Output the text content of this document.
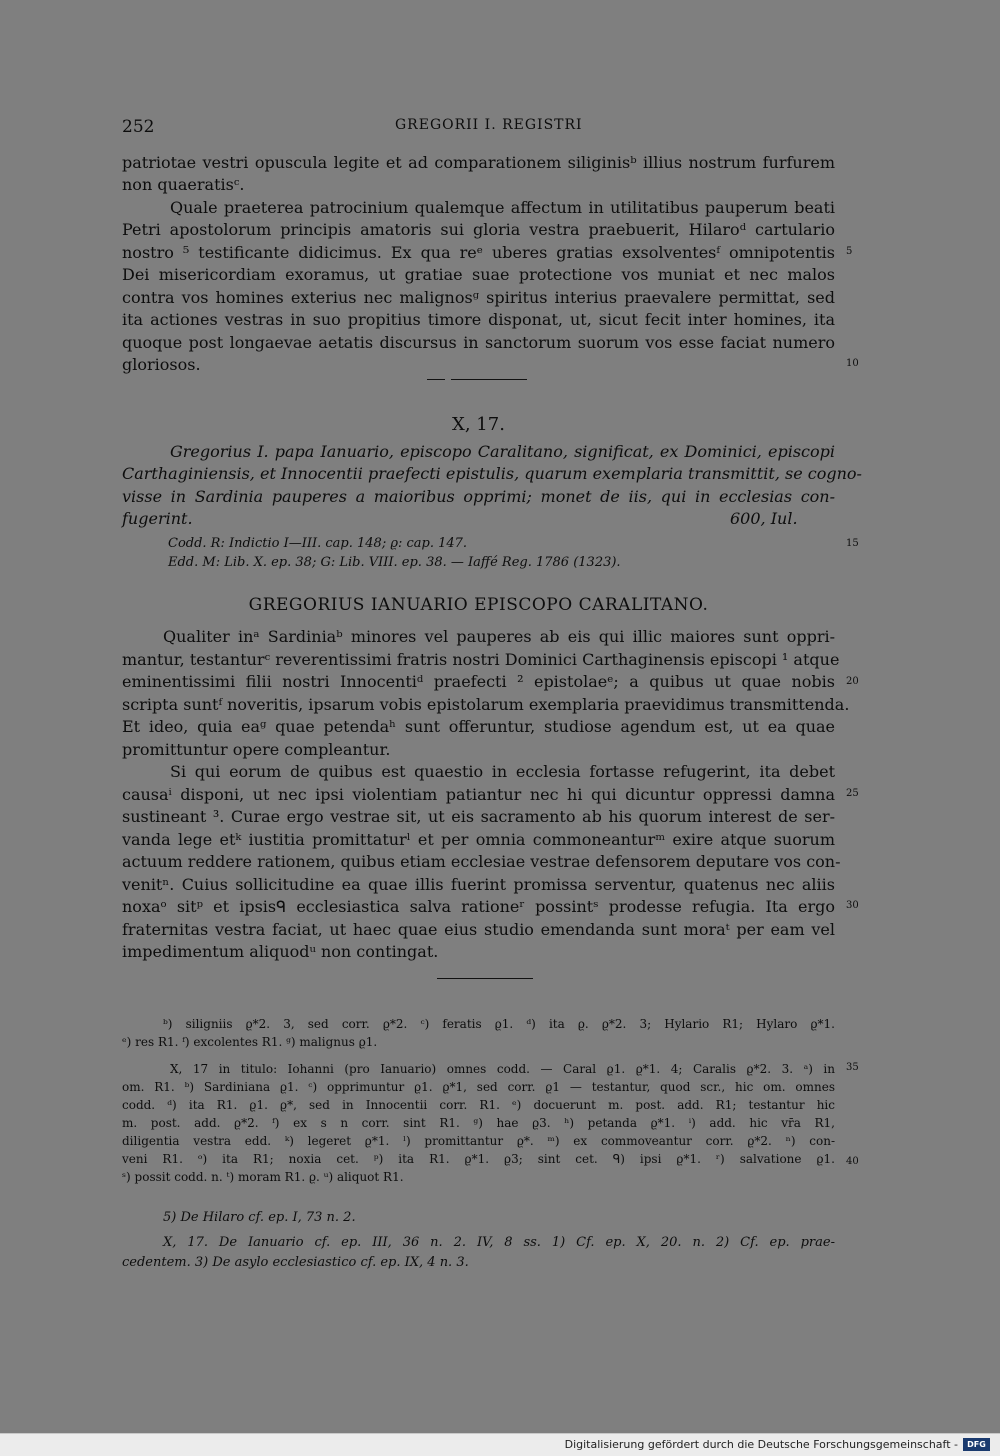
252	GREGORII I. REGISTRI
patriotae vestri opuscula legite et ad comparationem siliginisᵇ illius nostrum furfurem
non quaeratisᶜ.
Quale praeterea patrocinium qualemque affectum in utilitatibus pauperum beati
Petri apostolorum principis amatoris sui gloria vestra praebuerit, Hilaroᵈ cartulario
nostro ⁵ testificante didicimus. Ex qua reᵉ uberes gratias exsolventesᶠ omnipotentis
Dei misericordiam exoramus, ut gratiae suae protectione vos muniat et nec malos
contra vos homines exterius nec malignosᵍ spiritus interius praevalere permittat, sed
ita actiones vestras in suo propitius timore disponat, ut, sicut fecit inter homines, ita
quoque post longaevae aetatis discursus in sanctorum suorum vos esse faciat numero
gloriosos.
5
10
X, 17.
Gregorius I. papa Ianuario, episcopo Caralitano, significat, ex Dominici, episcopi
Carthaginiensis, et Innocentii praefecti epistulis, quarum exemplaria transmittit, se cogno-
visse in Sardinia pauperes a maioribus opprimi; monet de iis, qui in ecclesias con-
fugerint.	600, Iul.
Codd. R: Indictio I—III. cap. 148; ϱ: cap. 147.
Edd. M: Lib. X. ep. 38; G: Lib. VIII. ep. 38. — Iaffé Reg. 1786 (1323).
15
GREGORIUS IANUARIO EPISCOPO CARALITANO.
Qualiter inᵃ Sardiniaᵇ minores vel pauperes ab eis qui illic maiores sunt oppri-
mantur, testanturᶜ reverentissimi fratris nostri Dominici Carthaginensis episcopi ¹ atque
eminentissimi filii nostri Innocentiᵈ praefecti ² epistolaeᵉ; a quibus ut quae nobis
scripta suntᶠ noveritis, ipsarum vobis epistolarum exemplaria praevidimus transmittenda.
Et ideo, quia eaᵍ quae petendaʰ sunt offeruntur, studiose agendum est, ut ea quae
promittuntur opere compleantur.
Si qui eorum de quibus est quaestio in ecclesia fortasse refugerint, ita debet
causaⁱ disponi, ut nec ipsi violentiam patiantur nec hi qui dicuntur oppressi damna
sustineant ³. Curae ergo vestrae sit, ut eis sacramento ab his quorum interest de ser-
vanda lege etᵏ iustitia promittaturˡ et per omnia commoneanturᵐ exire atque suorum
actuum reddere rationem, quibus etiam ecclesiae vestrae defensorem deputare vos con-
venitⁿ. Cuius sollicitudine ea quae illis fuerint promissa serventur, quatenus nec aliis
noxaᵒ sitᵖ et ipsisᑫ ecclesiastica salva rationeʳ possintˢ prodesse refugia. Ita ergo
fraternitas vestra faciat, ut haec quae eius studio emendanda sunt moraᵗ per eam vel
impedimentum aliquodᵘ non contingat.
20
25
30
ᵇ) siligniis ϱ*2. 3, sed corr. ϱ*2. ᶜ) feratis ϱ1. ᵈ) ita ϱ. ϱ*2. 3; Hylario R1; Hylaro ϱ*1.
ᵉ) res R1. ᶠ) excolentes R1. ᵍ) malignus ϱ1.
X, 17 in titulo: Iohanni (pro Ianuario) omnes codd. — Caral ϱ1. ϱ*1. 4; Caralis ϱ*2. 3. ᵃ) in
om. R1. ᵇ) Sardiniana ϱ1. ᶜ) opprimuntur ϱ1. ϱ*1, sed corr. ϱ1 — testantur, quod scr., hic om. omnes
codd. ᵈ) ita R1. ϱ1. ϱ*, sed in Innocentii corr. R1. ᵉ) docuerunt m. post. add. R1; testantur hic
m. post. add. ϱ*2. ᶠ) ex s n corr. sint R1. ᵍ) hae ϱ3. ʰ) petanda ϱ*1. ⁱ) add. hic vr̄a R1,
diligentia vestra edd. ᵏ) legeret ϱ*1. ˡ) promittantur ϱ*. ᵐ) ex commoveantur corr. ϱ*2. ⁿ) con-
veni R1. ᵒ) ita R1; noxia cet. ᵖ) ita R1. ϱ*1. ϱ3; sint cet. ᑫ) ipsi ϱ*1. ʳ) salvatione ϱ1.
ˢ) possit codd. n. ᵗ) moram R1. ϱ. ᵘ) aliquot R1.
35
40
5) De Hilaro cf. ep. I, 73 n. 2.
X, 17. De Ianuario cf. ep. III, 36 n. 2. IV, 8 ss. 1) Cf. ep. X, 20. n. 2) Cf. ep. prae-
cedentem. 3) De asylo ecclesiastico cf. ep. IX, 4 n. 3.
Digitalisierung gefördert durch die Deutsche Forschungsgemeinschaft -	DFG
